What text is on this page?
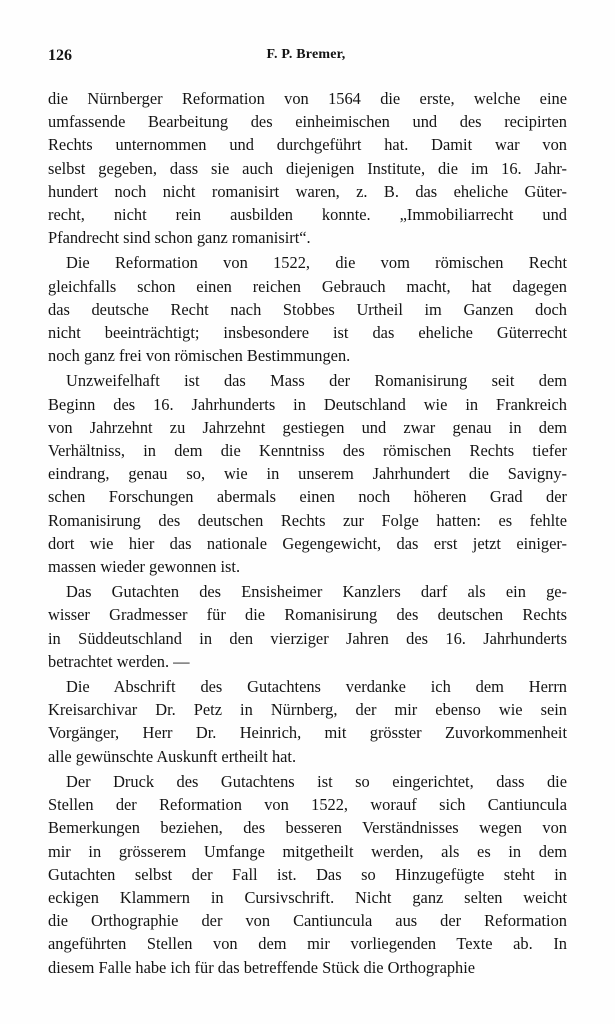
126	F. P. Bremer,

die Nürnberger Reformation von 1564 die erste, welche eine
umfassende Bearbeitung des einheimischen und des recipirten
Rechts unternommen und durchgeführt hat. Damit war von
selbst gegeben, dass sie auch diejenigen Institute, die im 16. Jahr-
hundert noch nicht romanisirt waren, z. B. das eheliche Güter-
recht, nicht rein ausbilden konnte. „Immobiliarrecht und
Pfandrecht sind schon ganz romanisirt“.

Die Reformation von 1522, die vom römischen Recht
gleichfalls schon einen reichen Gebrauch macht, hat dagegen
das deutsche Recht nach Stobbes Urtheil im Ganzen doch
nicht beeinträchtigt; insbesondere ist das eheliche Güterrecht
noch ganz frei von römischen Bestimmungen.

Unzweifelhaft ist das Mass der Romanisirung seit dem
Beginn des 16. Jahrhunderts in Deutschland wie in Frankreich
von Jahrzehnt zu Jahrzehnt gestiegen und zwar genau in dem
Verhältniss, in dem die Kenntniss des römischen Rechts tiefer
eindrang, genau so, wie in unserem Jahrhundert die Savigny-
schen Forschungen abermals einen noch höheren Grad der
Romanisirung des deutschen Rechts zur Folge hatten: es fehlte
dort wie hier das nationale Gegengewicht, das erst jetzt einiger-
massen wieder gewonnen ist.

Das Gutachten des Ensisheimer Kanzlers darf als ein ge-
wisser Gradmesser für die Romanisirung des deutschen Rechts
in Süddeutschland in den vierziger Jahren des 16. Jahrhunderts
betrachtet werden. —

Die Abschrift des Gutachtens verdanke ich dem Herrn
Kreisarchivar Dr. Petz in Nürnberg, der mir ebenso wie sein
Vorgänger, Herr Dr. Heinrich, mit grösster Zuvorkommenheit
alle gewünschte Auskunft ertheilt hat.

Der Druck des Gutachtens ist so eingerichtet, dass die
Stellen der Reformation von 1522, worauf sich Cantiuncula
Bemerkungen beziehen, des besseren Verständnisses wegen von
mir in grösserem Umfange mitgetheilt werden, als es in dem
Gutachten selbst der Fall ist. Das so Hinzugefügte steht in
eckigen Klammern in Cursivschrift. Nicht ganz selten weicht
die Orthographie der von Cantiuncula aus der Reformation
angeführten Stellen von dem mir vorliegenden Texte ab. In
diesem Falle habe ich für das betreffende Stück die Orthographie
